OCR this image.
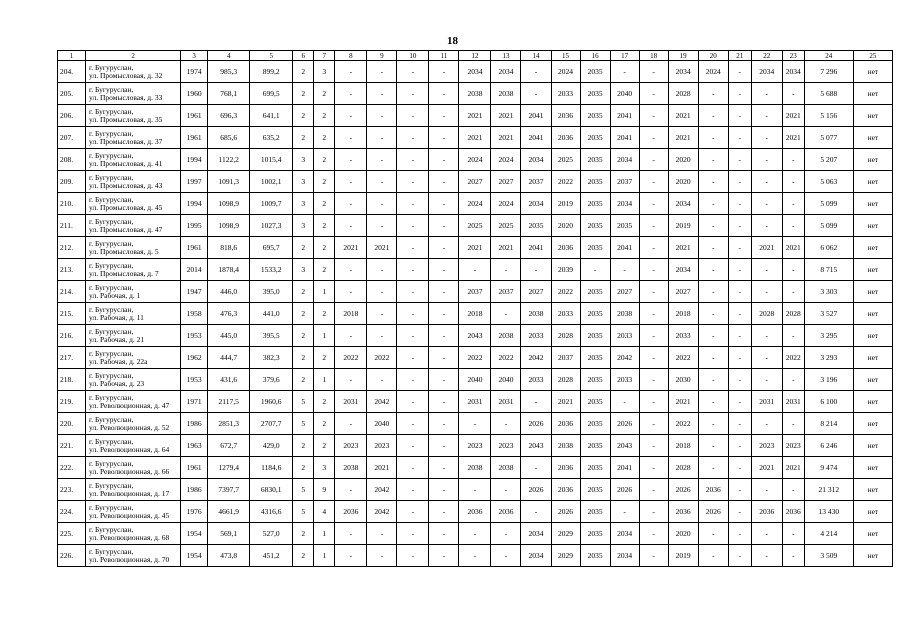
18
1	2	3	4	5	6	7	8	9	10	11	12	13	14	15	16	17	18	19	20	21	22	23	24	25
204.	г. Бугуруслан,
ул. Промысловая, д. 32	1974	985,3	899,2	2	3	-	-	-	-	2034	2034	-	2024	2035	-	-	2034	2024	-	2034	2034	7 296	нет
205.	г. Бугуруслан,
ул. Промысловая, д. 33	1960	768,1	699,5	2	2	-	-	-	-	2038	2038	-	2033	2035	2040	-	2028	-	-	-	-	5 688	нет
206.	г. Бугуруслан,
ул. Промысловая, д. 35	1961	696,3	641,1	2	2	-	-	-	-	2021	2021	2041	2036	2035	2041	-	2021	-	-	-	2021	5 156	нет
207.	г. Бугуруслан,
ул. Промысловая, д. 37	1961	685,6	635,2	2	2	-	-	-	-	2021	2021	2041	2036	2035	2041	-	2021	-	-	-	2021	5 077	нет
208.	г. Бугуруслан,
ул. Промысловая, д. 41	1994	1122,2	1015,4	3	2	-	-	-	-	2024	2024	2034	2025	2035	2034	-	2020	-	-	-	-	5 207	нет
209.	г. Бугуруслан,
ул. Промысловая, д. 43	1997	1091,3	1002,1	3	2	-	-	-	-	2027	2027	2037	2022	2035	2037	-	2020	-	-	-	-	5 063	нет
210.	г. Бугуруслан,
ул. Промысловая, д. 45	1994	1098,9	1009,7	3	2	-	-	-	-	2024	2024	2034	2019	2035	2034	-	2034	-	-	-	-	5 099	нет
211.	г. Бугуруслан,
ул. Промысловая, д. 47	1995	1098,9	1027,3	3	2	-	-	-	-	2025	2025	2035	2020	2035	2035	-	2019	-	-	-	-	5 099	нет
212.	г. Бугуруслан,
ул. Промысловая, д. 5	1961	818,6	695,7	2	2	2021	2021	-	-	2021	2021	2041	2036	2035	2041	-	2021	-	-	2021	2021	6 062	нет
213.	г. Бугуруслан,
ул. Промысловая, д. 7	2014	1878,4	1533,2	3	2	-	-	-	-	-	-	-	2039	-	-	-	2034	-	-	-	-	8 715	нет
214.	г. Бугуруслан,
ул. Рабочая, д. 1	1947	446,0	395,0	2	1	-	-	-	-	2037	2037	2027	2022	2035	2027	-	2027	-	-	-	-	3 303	нет
215.	г. Бугуруслан,
ул. Рабочая, д. 11	1958	476,3	441,0	2	2	2018	-	-	-	2018	-	2038	2033	2035	2038	-	2018	-	-	2028	2028	3 527	нет
216.	г. Бугуруслан,
ул. Рабочая, д. 21	1953	445,0	395,5	2	1	-	-	-	-	2043	2038	2033	2028	2035	2033	-	2033	-	-	-	-	3 295	нет
217.	г. Бугуруслан,
ул. Рабочая, д. 22а	1962	444,7	382,3	2	2	2022	2022	-	-	2022	2022	2042	2037	2035	2042	-	2022	-	-	-	2022	3 293	нет
218.	г. Бугуруслан,
ул. Рабочая, д. 23	1953	431,6	379,6	2	1	-	-	-	-	2040	2040	2033	2028	2035	2033	-	2030	-	-	-	-	3 196	нет
219.	г. Бугуруслан,
ул. Революционная, д. 47	1971	2117,5	1960,6	5	2	2031	2042	-	-	2031	2031	-	2021	2035	-	-	2021	-	-	2031	2031	6 100	нет
220.	г. Бугуруслан,
ул. Революционная, д. 52	1986	2851,3	2707,7	5	2	-	2040	-	-	-	-	2026	2036	2035	2026	-	2022	-	-	-	-	8 214	нет
221.	г. Бугуруслан,
ул. Революционная, д. 64	1963	672,7	429,0	2	2	2023	2023	-	-	2023	2023	2043	2038	2035	2043	-	2018	-	-	2023	2023	6 246	нет
222.	г. Бугуруслан,
ул. Революционная, д. 66	1961	1279,4	1184,6	2	3	2038	2021	-	-	2038	2038	-	2036	2035	2041	-	2028	-	-	2021	2021	9 474	нет
223.	г. Бугуруслан,
ул. Революционная, д. 17	1986	7397,7	6830,1	5	9	-	2042	-	-	-	-	2026	2036	2035	2026	-	2026	2036	-	-	-	21 312	нет
224.	г. Бугуруслан,
ул. Революционная, д. 45	1976	4661,9	4316,6	5	4	2036	2042	-	-	2036	2036	-	2026	2035	-	-	2036	2026	-	2036	2036	13 430	нет
225.	г. Бугуруслан,
ул. Революционная, д. 68	1954	569,1	527,0	2	1	-	-	-	-	-	-	2034	2029	2035	2034	-	2020	-	-	-	-	4 214	нет
226.	г. Бугуруслан,
ул. Революционная, д. 70	1954	473,8	451,2	2	1	-	-	-	-	-	-	2034	2029	2035	2034	-	2019	-	-	-	-	3 509	нет
